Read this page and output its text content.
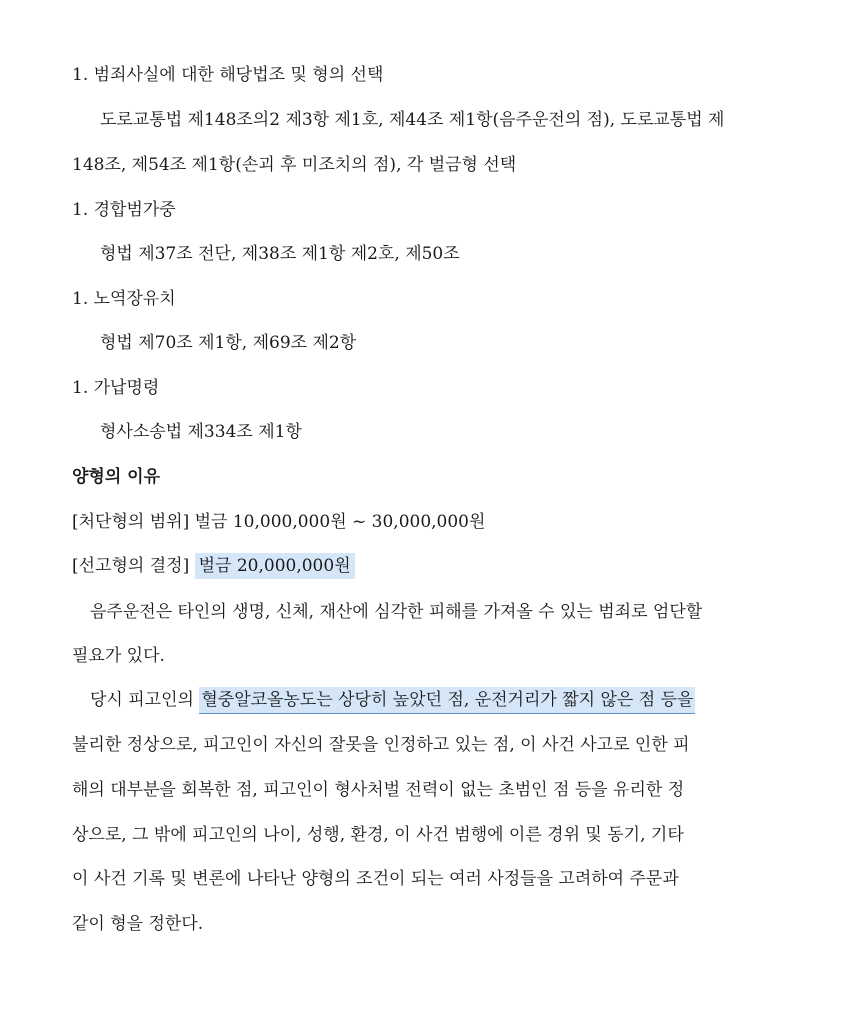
1. 범죄사실에 대한 해당법조 및 형의 선택
도로교통법 제148조의2 제3항 제1호, 제44조 제1항(음주운전의 점), 도로교통법 제
148조, 제54조 제1항(손괴 후 미조치의 점), 각 벌금형 선택
1. 경합범가중
형법 제37조 전단, 제38조 제1항 제2호, 제50조
1. 노역장유치
형법 제70조 제1항, 제69조 제2항
1. 가납명령
형사소송법 제334조 제1항
양형의 이유
[처단형의 범위] 벌금 10,000,000원 ~ 30,000,000원
[선고형의 결정] 벌금 20,000,000원
음주운전은 타인의 생명, 신체, 재산에 심각한 피해를 가져올 수 있는 범죄로 엄단할
필요가 있다.
당시 피고인의 혈중알코올농도는 상당히 높았던 점, 운전거리가 짧지 않은 점 등을
불리한 정상으로, 피고인이 자신의 잘못을 인정하고 있는 점, 이 사건 사고로 인한 피
해의 대부분을 회복한 점, 피고인이 형사처벌 전력이 없는 초범인 점 등을 유리한 정
상으로, 그 밖에 피고인의 나이, 성행, 환경, 이 사건 범행에 이른 경위 및 동기, 기타
이 사건 기록 및 변론에 나타난 양형의 조건이 되는 여러 사정들을 고려하여 주문과
같이 형을 정한다.
